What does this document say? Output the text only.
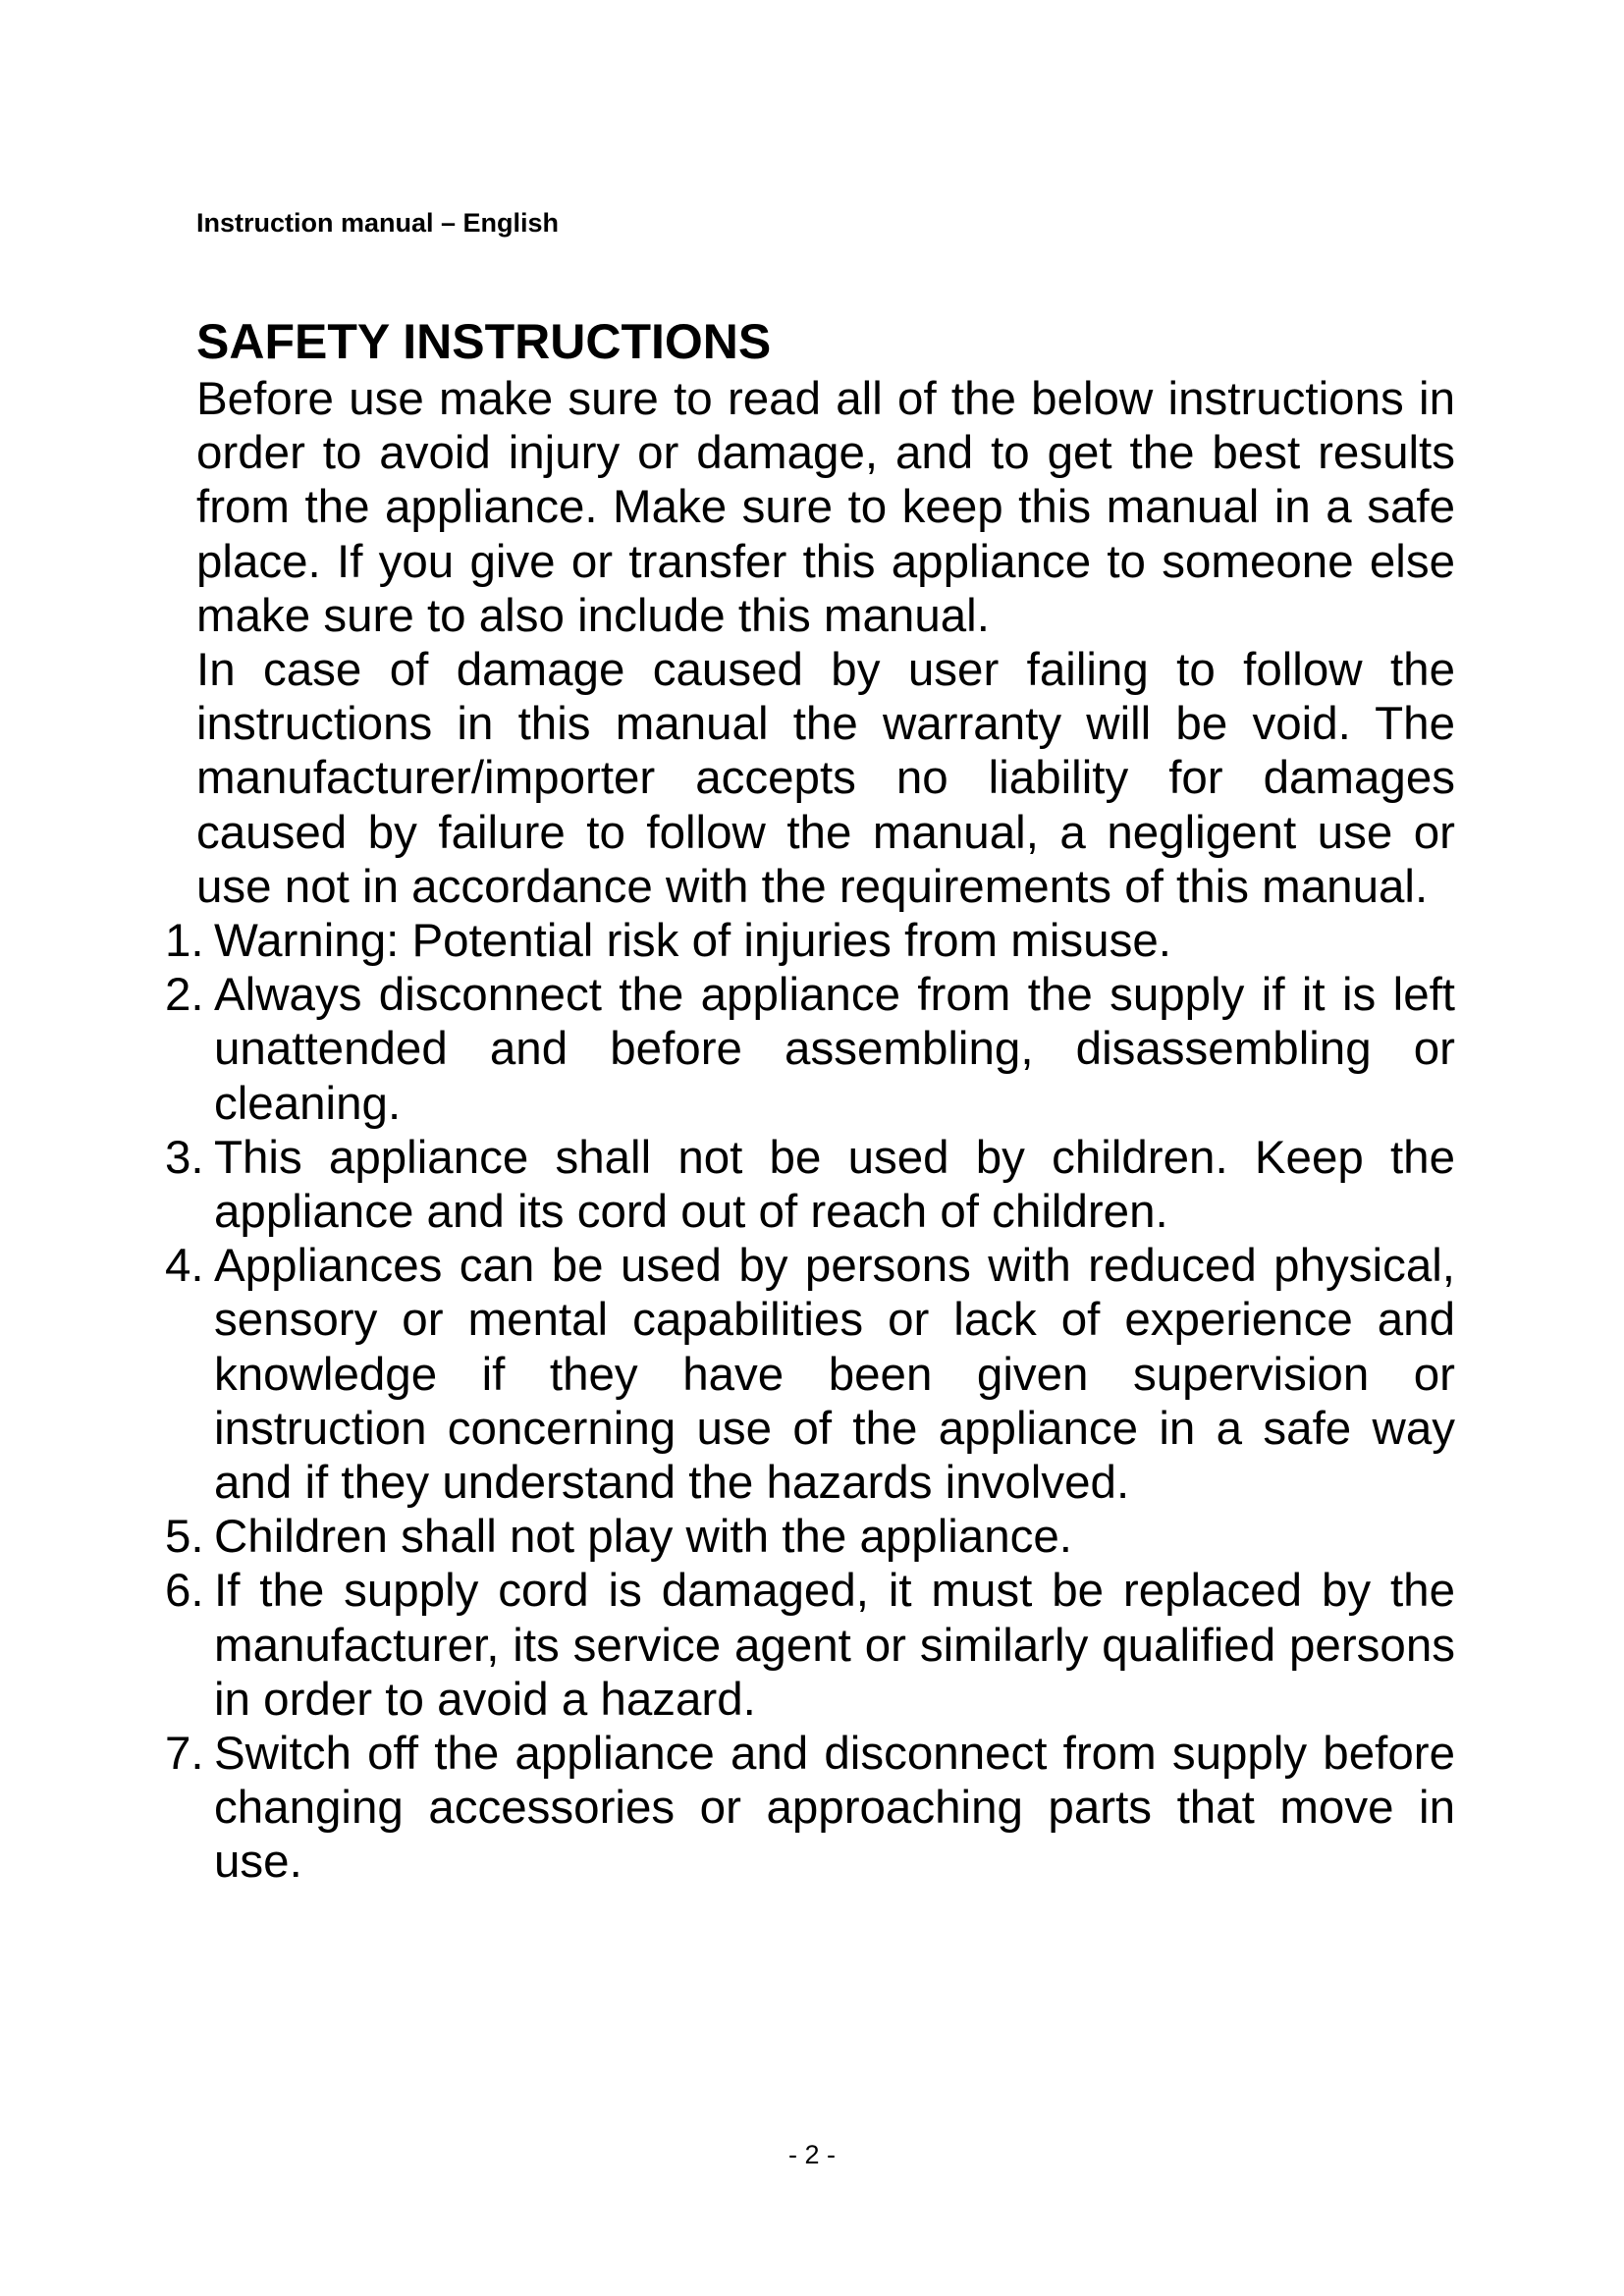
Instruction manual – English
SAFETY INSTRUCTIONS

Before use make sure to read all of the below instructions in order to avoid injury or damage, and to get the best results from the appliance. Make sure to keep this manual in a safe place. If you give or transfer this appliance to someone else make sure to also include this manual.

In case of damage caused by user failing to follow the instructions in this manual the warranty will be void. The manufacturer/importer accepts no liability for damages caused by failure to follow the manual, a negligent use or use not in accordance with the requirements of this manual.

1. Warning: Potential risk of injuries from misuse.
2. Always disconnect the appliance from the supply if it is left unattended and before assembling, disassembling or cleaning.
3. This appliance shall not be used by children. Keep the appliance and its cord out of reach of children.
4. Appliances can be used by persons with reduced physical, sensory or mental capabilities or lack of experience and knowledge if they have been given supervision or instruction concerning use of the appliance in a safe way and if they understand the hazards involved.
5. Children shall not play with the appliance.
6. If the supply cord is damaged, it must be replaced by the manufacturer, its service agent or similarly qualified persons in order to avoid a hazard.
7. Switch off the appliance and disconnect from supply before changing accessories or approaching parts that move in use.
- 2 -
